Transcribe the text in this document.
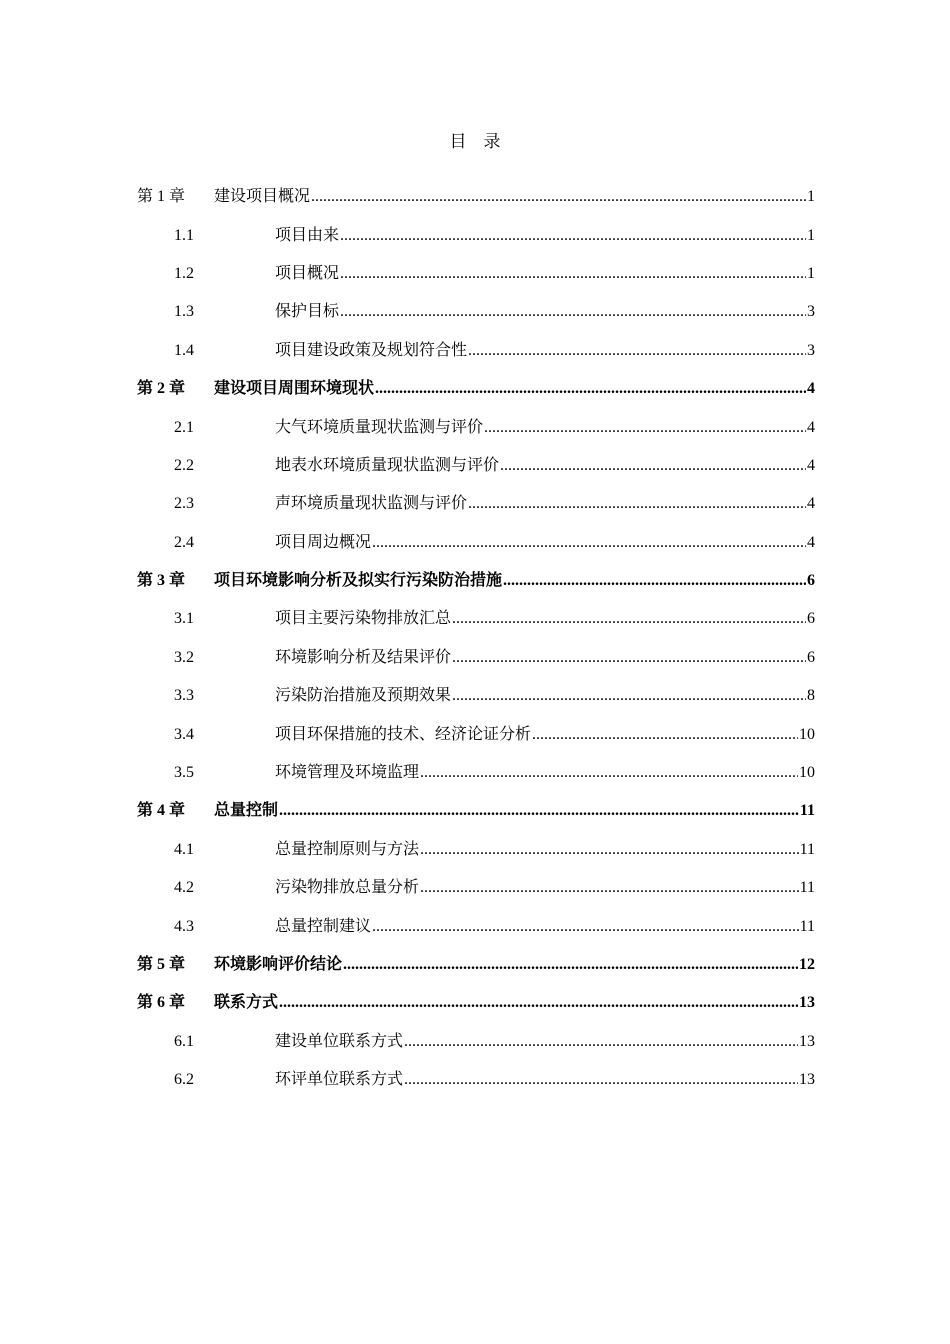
目    录
第 1 章	建设项目概况 .....	1
1.1	项目由来 .....	1
1.2	项目概况 .....	1
1.3	保护目标 .....	3
1.4	项目建设政策及规划符合性 .....	3
第 2 章	建设项目周围环境现状 .....	4
2.1	大气环境质量现状监测与评价 .....	4
2.2	地表水环境质量现状监测与评价 .....	4
2.3	声环境质量现状监测与评价 .....	4
2.4	项目周边概况 .....	4
第 3 章	项目环境影响分析及拟实行污染防治措施 .....	6
3.1	项目主要污染物排放汇总 .....	6
3.2	环境影响分析及结果评价 .....	6
3.3	污染防治措施及预期效果 .....	8
3.4	项目环保措施的技术、经济论证分析 .....	10
3.5	环境管理及环境监理 .....	10
第 4 章	总量控制 .....	11
4.1	总量控制原则与方法 .....	11
4.2	污染物排放总量分析 .....	11
4.3	总量控制建议 .....	11
第 5 章	环境影响评价结论 .....	12
第 6 章	联系方式 .....	13
6.1	建设单位联系方式 .....	13
6.2	环评单位联系方式 .....	13
